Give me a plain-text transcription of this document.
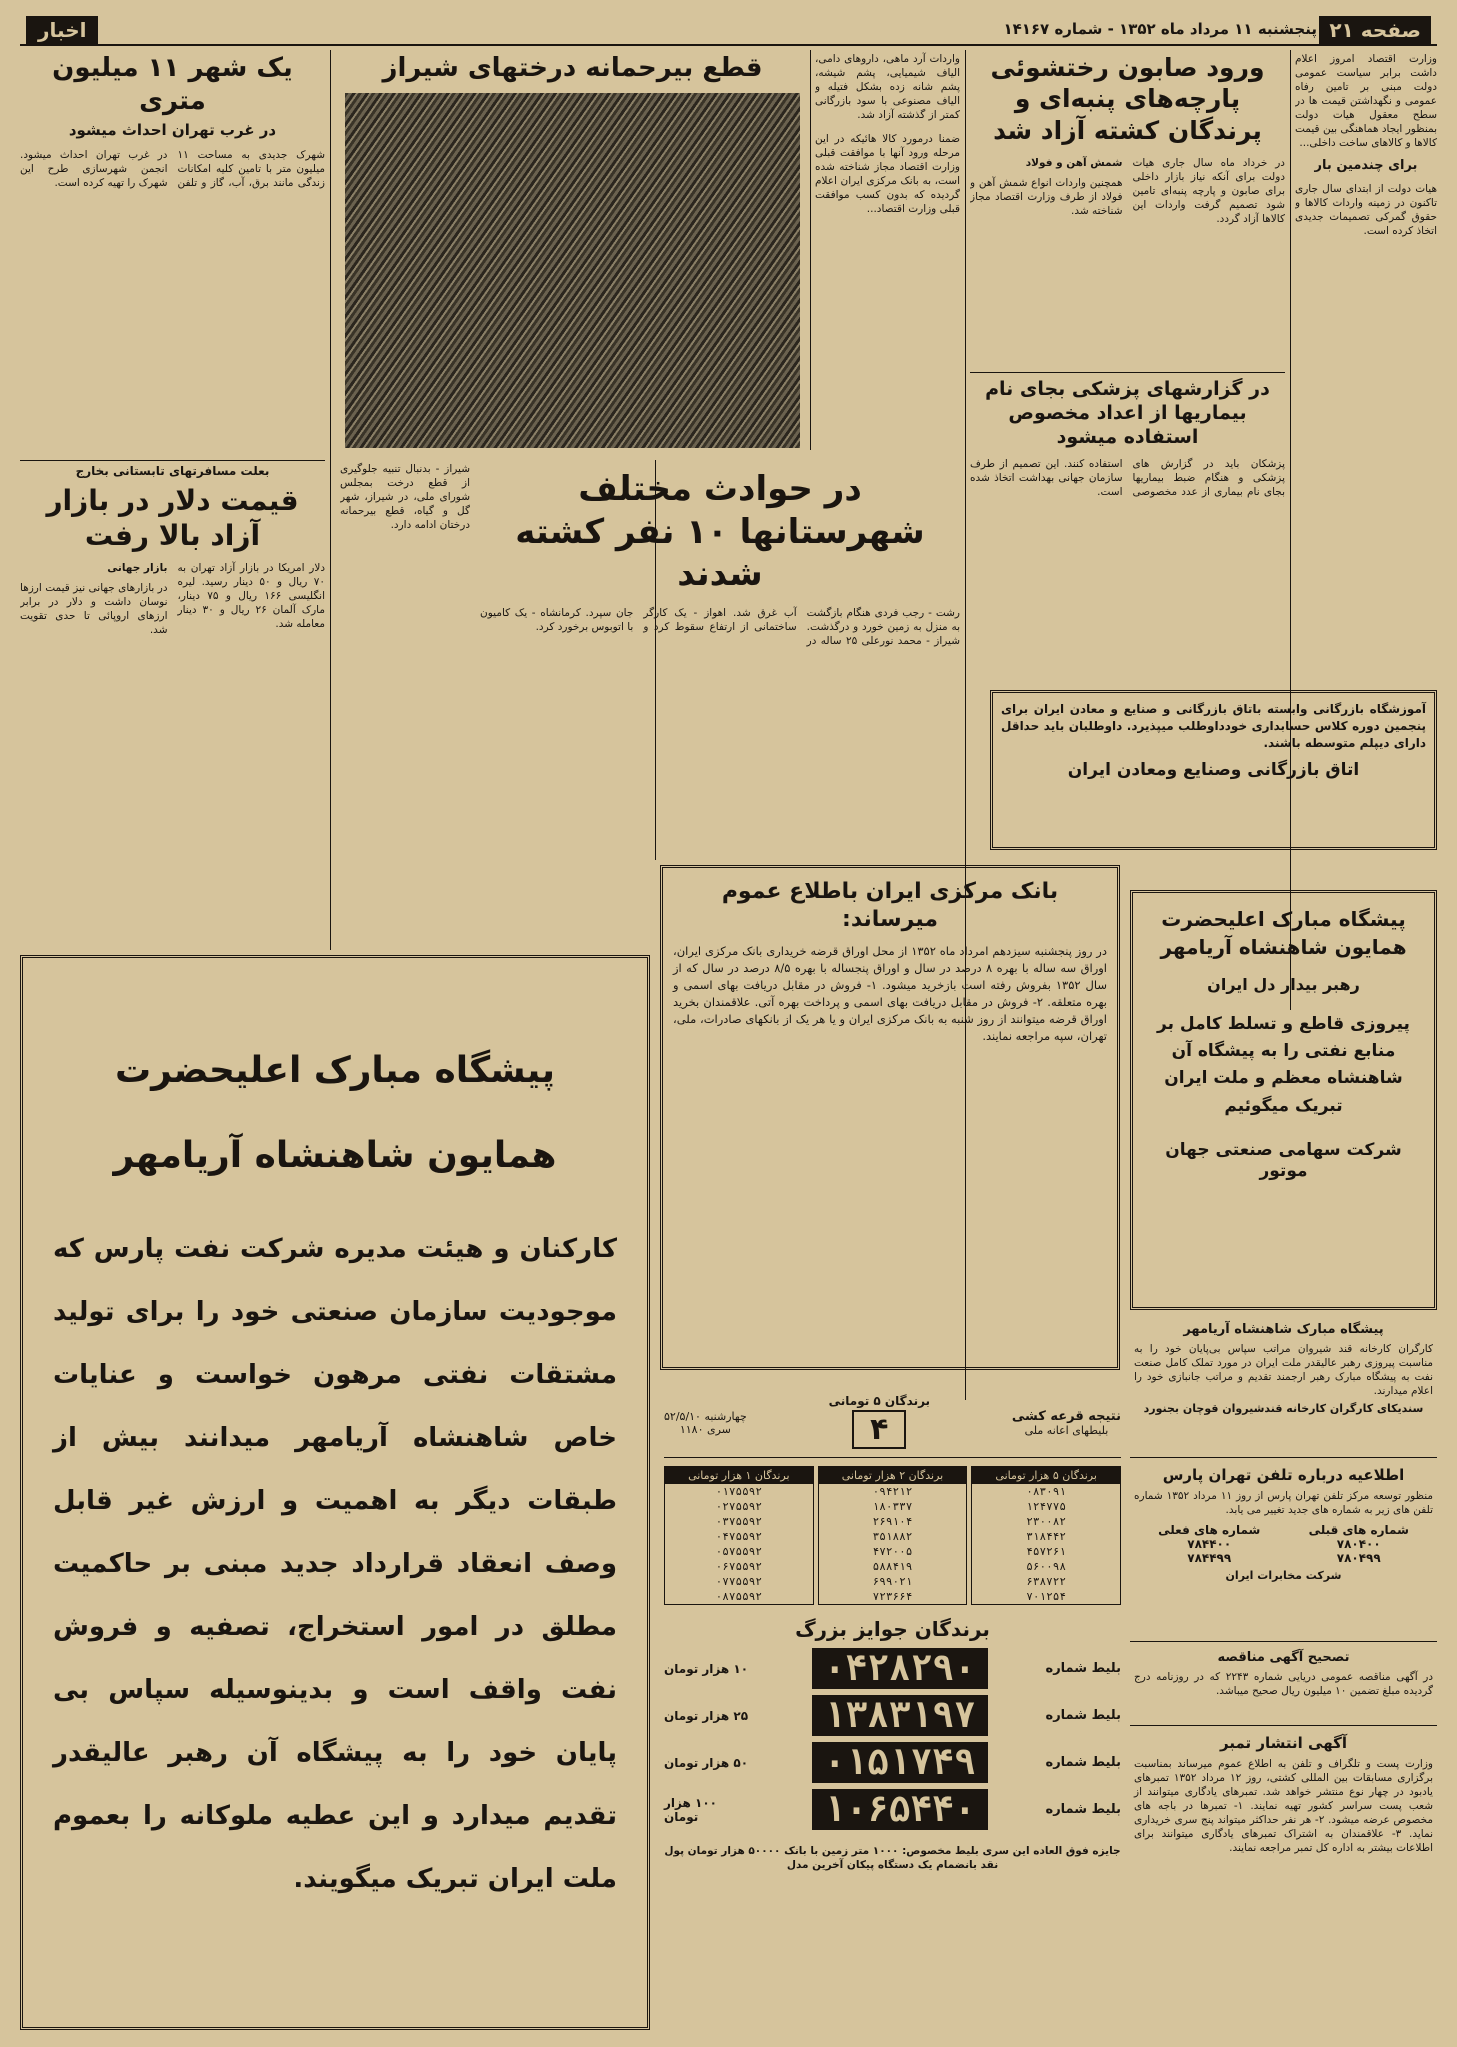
صفحه ۲۱
پنجشنبه ۱۱ مرداد ماه ۱۳۵۲ - شماره ۱۴۱۶۷
اخبار
وزارت اقتصاد امروز اعلام داشت برابر سیاست عمومی دولت مبنی بر تامین رفاه عمومی و نگهداشتن قیمت ها در سطح معقول هیات دولت بمنظور ایجاد هماهنگی بین قیمت کالاها و کالاهای ساخت داخلی...
برای چندمین بار
هیات دولت از ابتدای سال جاری تاکنون در زمینه واردات کالاها و حقوق گمرکی تصمیمات جدیدی اتخاذ کرده است.
ورود صابون رختشوئی پارچه‌های پنبه‌ای و پرندگان کشته آزاد شد
در خرداد ماه سال جاری هیات دولت برای آنکه نیاز بازار داخلی برای صابون و پارچه پنبه‌ای تامین شود تصمیم گرفت واردات این کالاها آزاد گردد.
شمش آهن و فولاد
همچنین واردات انواع شمش آهن و فولاد از طرف وزارت اقتصاد مجاز شناخته شد.
در گزارشهای پزشکی بجای نام بیماریها از اعداد مخصوص استفاده میشود
پزشکان باید در گزارش های پزشکی و هنگام ضبط بیماریها بجای نام بیماری از عدد مخصوصی استفاده کنند. این تصمیم از طرف سازمان جهانی بهداشت اتخاذ شده است.
واردات آرد ماهی، داروهای دامی، الیاف شیمیایی، پشم شیشه، پشم شانه زده بشکل فتیله و الیاف مصنوعی با سود بازرگانی کمتر از گذشته آزاد شد.
ضمنا درمورد کالا هائیکه در این مرحله ورود آنها با موافقت قبلی وزارت اقتصاد مجاز شناخته شده است، به بانک مرکزی ایران اعلام گردیده که بدون کسب موافقت قبلی وزارت اقتصاد...
قطع بیرحمانه درختهای شیراز
شیراز - بدنبال تنبیه جلوگیری از قطع درخت بمجلس شورای ملی، در شیراز، شهر گل و گیاه، قطع بیرحمانه درختان ادامه دارد.
یک شهر ۱۱ میلیون متری
در غرب تهران احداث میشود
شهرک جدیدی به مساحت ۱۱ میلیون متر با تامین کلیه امکانات زندگی مانند برق، آب، گاز و تلفن در غرب تهران احداث میشود. انجمن شهرسازی طرح این شهرک را تهیه کرده است.
بعلت مسافرتهای تابستانی بخارج
قیمت دلار در بازار آزاد بالا رفت
دلار امریکا در بازار آزاد تهران به ۷۰ ریال و ۵۰ دینار رسید. لیره انگلیسی ۱۶۶ ریال و ۷۵ دینار، مارک آلمان ۲۶ ریال و ۳۰ دینار معامله شد.
بازار جهانی
در بازارهای جهانی نیز قیمت ارزها نوسان داشت و دلار در برابر ارزهای اروپائی تا حدی تقویت شد.
در حوادث مختلف شهرستانها ۱۰ نفر کشته شدند
رشت - رجب فردی هنگام بازگشت به منزل به زمین خورد و درگذشت. شیراز - محمد نورعلی ۲۵ ساله در آب غرق شد. اهواز - یک کارگر ساختمانی از ارتفاع سقوط کرد و جان سپرد. کرمانشاه - یک کامیون با اتوبوس برخورد کرد.
آموزشگاه بازرگانی وابسته باتاق بازرگانی و صنایع و معادن ایران برای پنجمین دوره کلاس حسابداری خودداوطلب میپذیرد. داوطلبان باید حداقل دارای دیپلم متوسطه باشند.
اتاق بازرگانی وصنایع ومعادن ایران
بانک مرکزی ایران باطلاع عموم میرساند:
در روز پنجشنبه سیزدهم امرداد ماه ۱۳۵۲ از محل اوراق قرضه خریداری بانک مرکزی ایران، اوراق سه ساله با بهره ۸ درصد در سال و اوراق پنجساله با بهره ۸/۵ درصد در سال که از سال ۱۳۵۲ بفروش رفته است بازخرید میشود. ۱- فروش در مقابل دریافت بهای اسمی و بهره متعلقه. ۲- فروش در مقابل دریافت بهای اسمی و پرداخت بهره آتی. علاقمندان بخرید اوراق قرضه میتوانند از روز شنبه به بانک مرکزی ایران و یا هر یک از بانکهای صادرات، ملی، تهران، سپه مراجعه نمایند.
پیشگاه مبارک اعلیحضرت همایون شاهنشاه آریامهر
رهبر بیدار دل ایران
پیروزی قاطع و تسلط کامل بر منابع نفتی را به پیشگاه آن شاهنشاه معظم و ملت ایران تبریک میگوئیم
شرکت سهامی صنعتی جهان موتور
پیشگاه مبارک شاهنشاه آریامهر
کارگران کارخانه قند شیروان مراتب سپاس بی‌پایان خود را به مناسبت پیروزی رهبر عالیقدر ملت ایران در مورد تملک کامل صنعت نفت به پیشگاه مبارک رهبر ارجمند تقدیم و مراتب جانبازی خود را اعلام میدارند.
سندیکای کارگران کارخانه قندشیروان قوچان بجنورد
اطلاعیه درباره تلفن تهران پارس
منظور توسعه مرکز تلفن تهران پارس از روز ۱۱ مرداد ۱۳۵۲ شماره تلفن های زیر به شماره های جدید تغییر می یابد.
شماره های قبلی
۷۸۰۴۰۰
۷۸۰۴۹۹
شماره های فعلی
۷۸۴۴۰۰
۷۸۴۴۹۹
شرکت مخابرات ایران
تصحیح آگهی مناقصه
در آگهی مناقصه عمومی دریایی شماره ۲۲۴۳ که در روزنامه درج گردیده مبلغ تضمین ۱۰ میلیون ریال صحیح میباشد.
آگهی انتشار تمبر
وزارت پست و تلگراف و تلفن به اطلاع عموم میرساند بمناسبت برگزاری مسابقات بین المللی کشتی، روز ۱۲ مرداد ۱۳۵۲ تمبرهای یادبود در چهار نوع منتشر خواهد شد. تمبرهای یادگاری میتوانند از شعب پست سراسر کشور تهیه نمایند. ۱- تمبرها در باجه های مخصوص عرضه میشود. ۲- هر نفر حداکثر میتواند پنج سری خریداری نماید. ۳- علاقمندان به اشتراک تمبرهای یادگاری میتوانند برای اطلاعات بیشتر به اداره کل تمبر مراجعه نمایند.
پیشگاه مبارک اعلیحضرت
همایون شاهنشاه آریامهر
کارکنان و هیئت مدیره شرکت نفت پارس که موجودیت سازمان صنعتی خود را برای تولید مشتقات نفتی مرهون خواست و عنایات خاص شاهنشاه آریامهر میدانند بیش از طبقات دیگر به اهمیت و ارزش غیر قابل وصف انعقاد قرارداد جدید مبنی بر حاکمیت مطلق در امور استخراج، تصفیه و فروش نفت واقف است و بدینوسیله سپاس بی پایان خود را به پیشگاه آن رهبر عالیقدر تقدیم میدارد و این عطیه ملوکانه را بعموم ملت ایران تبریک میگویند.
نتیجه قرعه کشی
بلیطهای اعانه ملی
برندگان ۵ تومانی
۴
چهارشنبه ۵۲/۵/۱۰
سری ۱۱۸۰
برندگان ۵ هزار تومانی
۰۸۳۰۹۱
۱۲۴۷۷۵
۲۳۰۰۸۲
۳۱۸۴۴۲
۴۵۷۲۶۱
۵۶۰۰۹۸
۶۳۸۷۲۲
۷۰۱۲۵۴
برندگان ۲ هزار تومانی
۰۹۴۲۱۲
۱۸۰۳۳۷
۲۶۹۱۰۴
۳۵۱۸۸۲
۴۷۲۰۰۵
۵۸۸۴۱۹
۶۹۹۰۲۱
۷۲۳۶۶۴
برندگان ۱ هزار تومانی
۰۱۷۵۵۹۲
۰۲۷۵۵۹۲
۰۳۷۵۵۹۲
۰۴۷۵۵۹۲
۰۵۷۵۵۹۲
۰۶۷۵۵۹۲
۰۷۷۵۵۹۲
۰۸۷۵۵۹۲
برندگان جوایز بزرگ
بلیط شماره
۰۴۲۸۲۹۰
۱۰ هزار تومان
بلیط شماره
۱۳۸۳۱۹۷
۲۵ هزار تومان
بلیط شماره
۰۱۵۱۷۴۹
۵۰ هزار تومان
بلیط شماره
۱۰۶۵۴۴۰
۱۰۰ هزار تومان
جایزه فوق العاده این سری بلیط مخصوص: ۱۰۰۰ متر زمین با بانک ۵۰۰۰۰ هزار تومان پول نقد بانضمام یک دستگاه پیکان آخرین مدل
